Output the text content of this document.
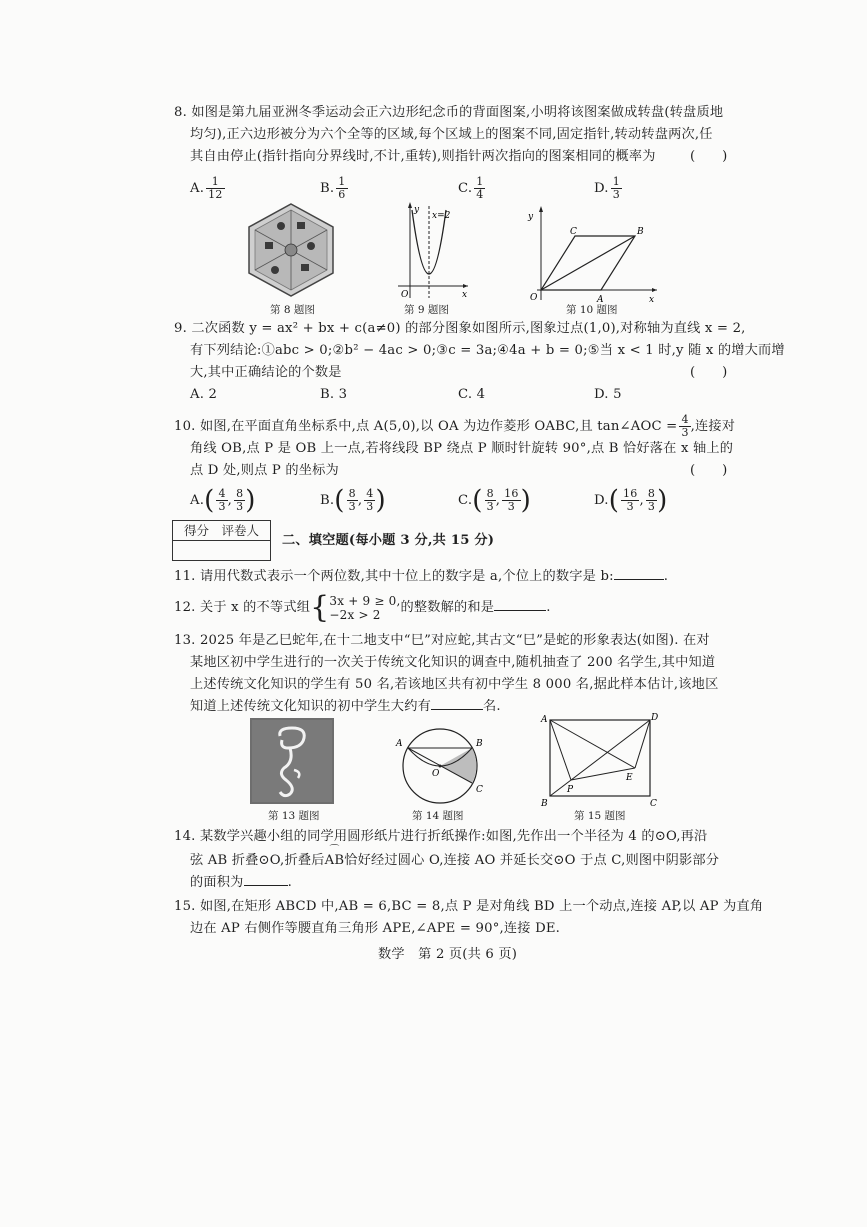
8. 如图是第九届亚洲冬季运动会正六边形纪念币的背面图案,小明将该图案做成转盘(转盘质地
均匀),正六边形被分为六个全等的区域,每个区域上的图案不同,固定指针,转动转盘两次,任
其自由停止(指针指向分界线时,不计,重转),则指针两次指向的图案相同的概率为	(　　)
A. $\frac{1}{12}$	B. $\frac{1}{6}$	C. $\frac{1}{4}$	D. $\frac{1}{3}$
第 8 题图
y
x
O
x=2
第 9 题图
y
x
O	A
B
C
第 10 题图
9. 二次函数 y = ax² + bx + c(a≠0) 的部分图象如图所示,图象过点(1,0),对称轴为直线 x = 2,
有下列结论:①abc > 0;②b² − 4ac > 0;③c = 3a;④4a + b = 0;⑤当 x < 1 时,y 随 x 的增大而增
大,其中正确结论的个数是	(　　)
A. 2	B. 3	C. 4	D. 5
10. 如图,在平面直角坐标系中,点 A(5,0),以 OA 为边作菱形 OABC,且 tan∠AOC = $\frac{4}{3}$ ,连接对
角线 OB,点 P 是 OB 上一点,若将线段 BP 绕点 P 顺时针旋转 90°,点 B 恰好落在 x 轴上的
点 D 处,则点 P 的坐标为	(　　)
$A.( \frac{4}{3}$ , $\frac{8}{3}$ )	$B.( \frac{8}{3}$ , $\frac{4}{3}$ )	$C.( \frac{8}{3}$ , $\frac{16}{3}$ )	$D.( \frac{16}{3}$ , $\frac{8}{3}$ )
得分　评卷人
二、填空题(每小题 3 分,共 15 分)
11. 请用代数式表示一个两位数,其中十位上的数字是 a,个位上的数字是 b:	.
12. 关于 x 的不等式组{ 3x + 9 ≥ 0,
−2x > 2	的整数解的和是	.
13. 2025 年是乙巳蛇年,在十二地支中“巳”对应蛇,其古文“巳”是蛇的形象表达(如图). 在对
某地区初中学生进行的一次关于传统文化知识的调查中,随机抽查了 200 名学生,其中知道
上述传统文化知识的学生有 50 名,若该地区共有初中学生 8 000 名,据此样本估计,该地区
知道上述传统文化知识的初中学生大约有	名.
第 13 题图
A	B
O
C
第 14 题图
A
B	C
D
E
P
第 15 题图
14. 某数学兴趣小组的同学用圆形纸片进行折纸操作:如图,先作出一个半径为 4 的⊙O,再沿
弦 AB 折叠⊙O,折叠后
⌒
AB恰好经过圆心 O,连接 AO 并延长交⊙O 于点 C,则图中阴影部分
的面积为	.
15. 如图,在矩形 ABCD 中,AB = 6,BC = 8,点 P 是对角线 BD 上一个动点,连接 AP,以 AP 为直角
边在 AP 右侧作等腰直角三角形 APE,∠APE = 90°,连接 DE.
数学　第 2 页(共 6 页)
